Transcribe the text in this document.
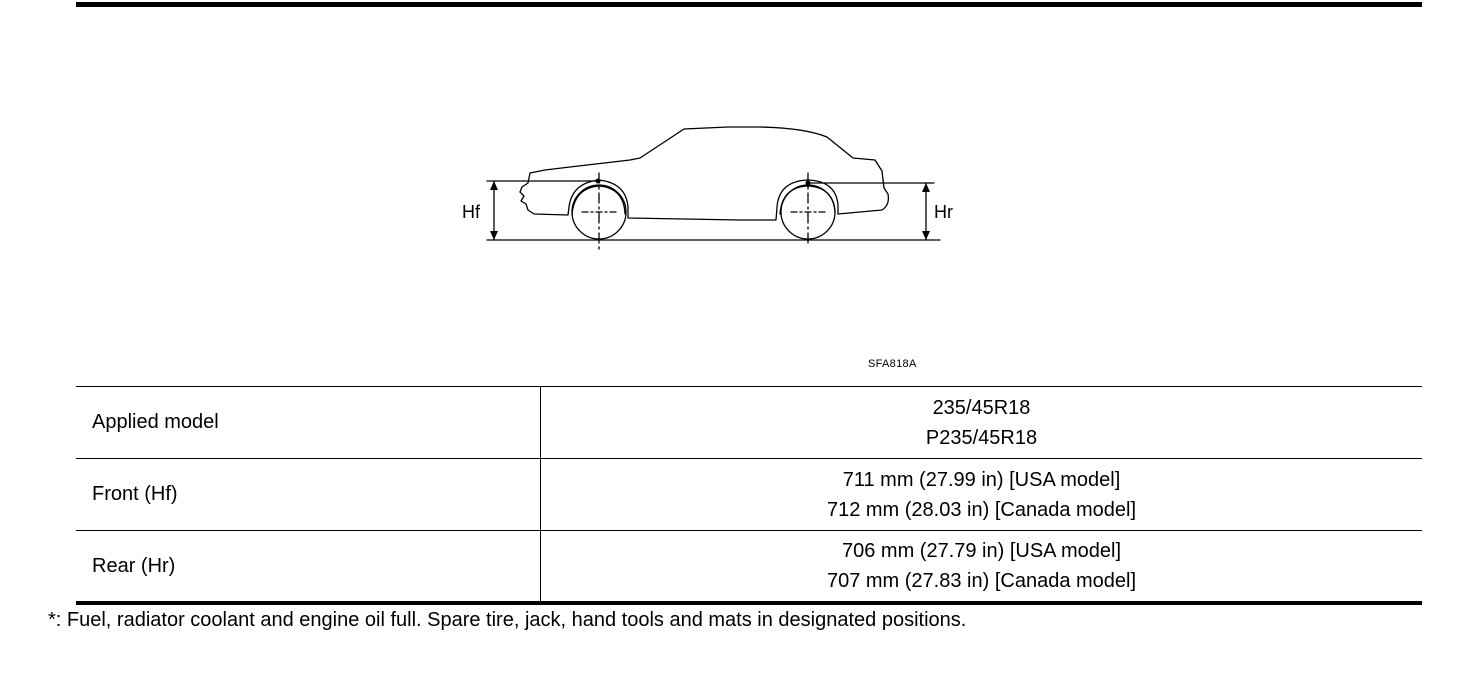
Hf	Hr
SFA818A
Applied model	235/45R18
P235/45R18

Front (Hf)	711 mm (27.99 in) [USA model]
712 mm (28.03 in) [Canada model]

Rear (Hr)	706 mm (27.79 in) [USA model]
707 mm (27.83 in) [Canada model]
*: Fuel, radiator coolant and engine oil full. Spare tire, jack, hand tools and mats in designated positions.
